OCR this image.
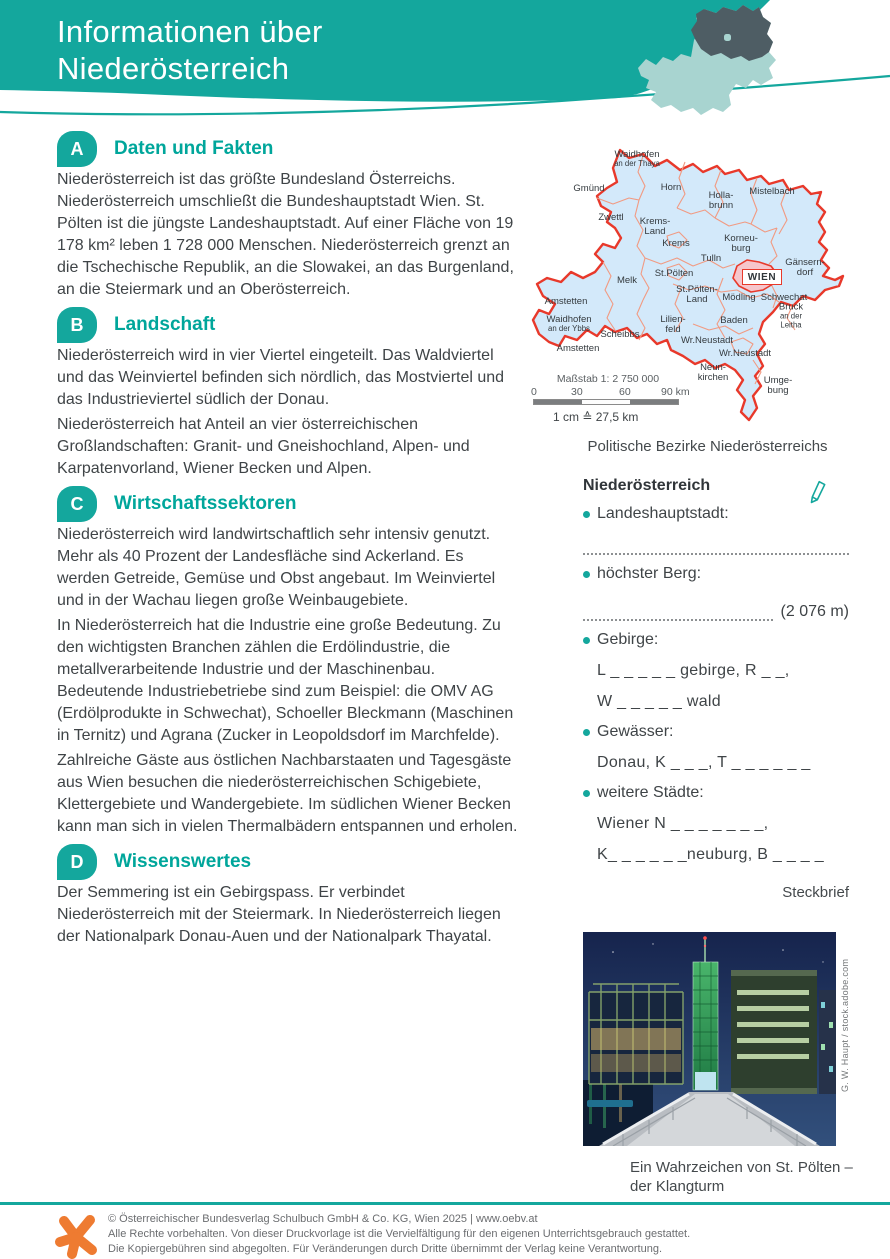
Informationen über
Niederösterreich
A	Daten und Fakten

Niederösterreich ist das größte Bundesland Österreichs. Niederösterreich umschließt die Bundeshauptstadt Wien. St. Pölten ist die jüngste Landeshauptstadt. Auf einer Fläche von 19 178 km² leben 1 728 000 Menschen. Niederösterreich grenzt an die Tschechische Republik, an die Slowakei, an das Burgenland, an die Steiermark und an Oberösterreich.

B	Landschaft

Niederösterreich wird in vier Viertel eingeteilt. Das Waldviertel und das Weinviertel befinden sich nördlich, das Mostviertel und das Industrieviertel südlich der Donau.

Niederösterreich hat Anteil an vier österreichischen Großlandschaften: Granit- und Gneishochland, Alpen- und Karpatenvorland, Wiener Becken und Alpen.

C	Wirtschaftssektoren

Niederösterreich wird landwirtschaftlich sehr intensiv genutzt. Mehr als 40 Prozent der Landesfläche sind Ackerland. Es werden Getreide, Gemüse und Obst angebaut. Im Weinviertel und in der Wachau liegen große Weinbaugebiete.

In Niederösterreich hat die Industrie eine große Bedeutung. Zu den wichtigsten Branchen zählen die Erdölindustrie, die metallverarbeitende Industrie und der Maschinenbau. Bedeutende Industriebetriebe sind zum Beispiel: die OMV AG (Erdölprodukte in Schwechat), Schoeller Bleckmann (Maschinen in Ternitz) und Agrana (Zucker in Leopoldsdorf im Marchfelde).

Zahlreiche Gäste aus östlichen Nachbarstaaten und Tagesgäste aus Wien besuchen die niederösterreichischen Schigebiete, Klettergebiete und Wandergebiete. Im südlichen Wiener Becken kann man sich in vielen Thermalbädern entspannen und erholen.

D	Wissenswertes

Der Semmering ist ein Gebirgspass. Er verbindet Niederösterreich mit der Steiermark. In Niederösterreich liegen der Nationalpark Donau-Auen und der Nationalpark Thayatal.

Waidhofen
an der Thaya
Gmünd	Horn
Holla-
brunn
Mistelbach
Zwettl Krems-
Land
Krems	Korneu-
burg
Tulln	Gänsern-
dorf
Melk
St.Pölten
St.Pölten-
Land	Mödling Schwechat
Bruck
an der
Leitha
Amstetten
Waidhofen
an der Ybbs
Scheibbs
Lilien-
feld
Baden
Amstetten
Wr.Neustadt
Wr.Neustadt
Neun-
kirchen	Umge-
bung
WIEN
Maßstab 1: 2 750 000
0	30	60	90 km
1 cm ≙ 27,5 km
Politische Bezirke Niederösterreichs
Niederösterreich
Landeshauptstadt:
höchster Berg:
(2 076 m)
Gebirge:
L _ _ _ _ _ gebirge, R _ _,
W _ _ _ _ _ wald
Gewässer:
Donau, K _ _ _, T _ _ _ _ _ _
weitere Städte:
Wiener N _ _ _ _ _ _ _,
K_ _ _ _ _ _neuburg, B _ _ _ _
Steckbrief
G. W. Haupt / stock.adobe.com
Ein Wahrzeichen von St. Pölten –
der Klangturm
© Österreichischer Bundesverlag Schulbuch GmbH & Co. KG, Wien 2025 | www.oebv.at
Alle Rechte vorbehalten. Von dieser Druckvorlage ist die Vervielfältigung für den eigenen Unterrichtsgebrauch gestattet.
Die Kopiergebühren sind abgegolten. Für Veränderungen durch Dritte übernimmt der Verlag keine Verantwortung.
